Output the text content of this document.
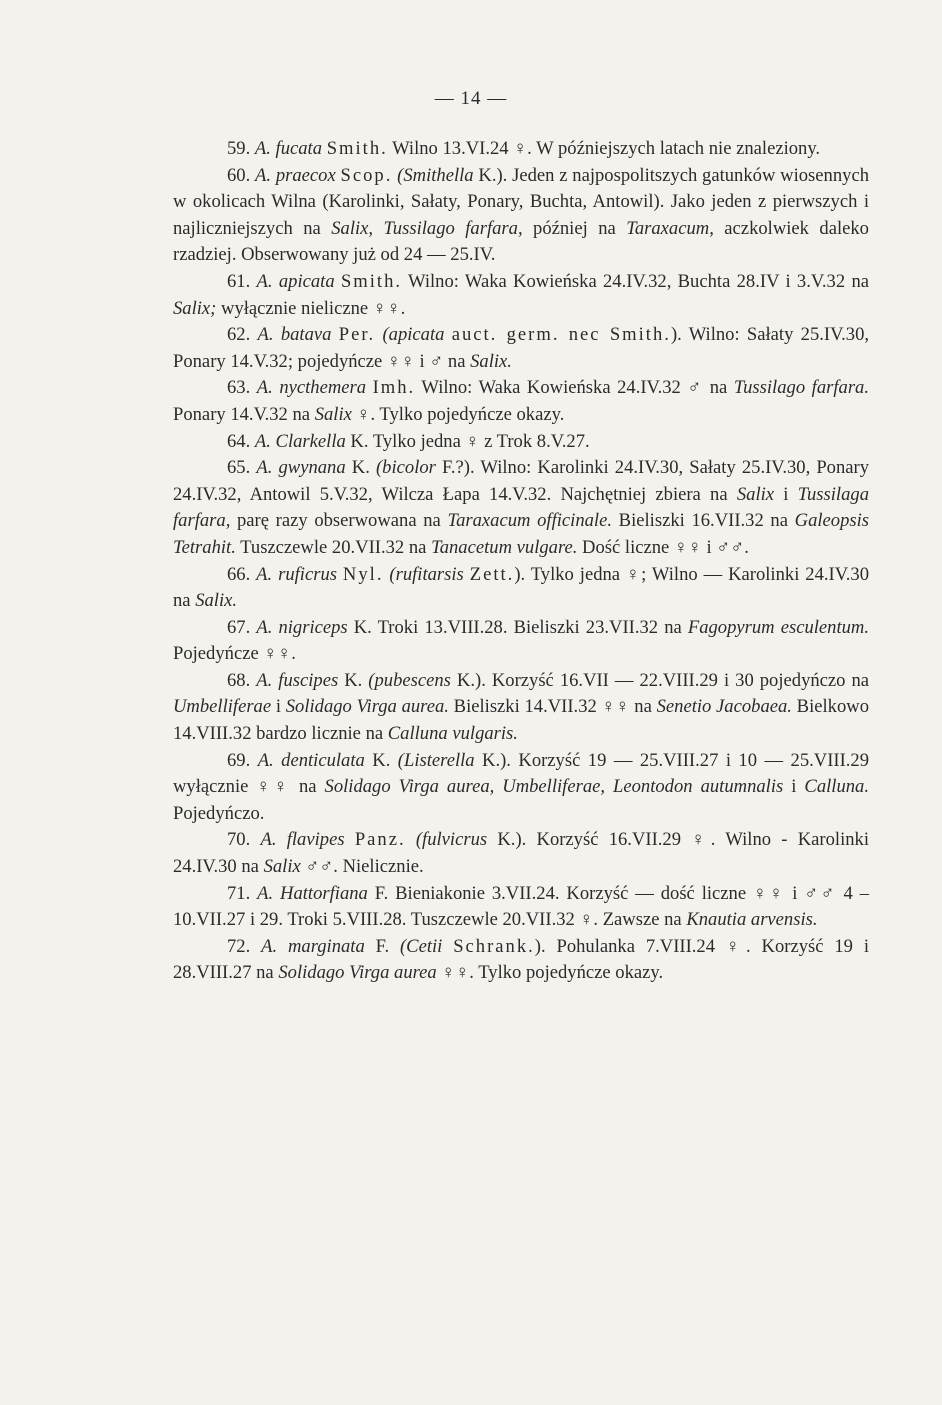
— 14 —

59. A. fucata Smith. Wilno 13.VI.24 ♀. W późniejszych latach nie znaleziony.

60. A. praecox Scop. (Smithella K.). Jeden z najpospolitszych gatunków wiosennych w okolicach Wilna (Karolinki, Sałaty, Ponary, Buchta, Antowil). Jako jeden z pierwszych i najliczniejszych na Salix, Tussilago farfara, później na Taraxacum, aczkolwiek daleko rzadziej. Obserwowany już od 24 — 25.IV.

61. A. apicata Smith. Wilno: Waka Kowieńska 24.IV.32, Buchta 28.IV i 3.V.32 na Salix; wyłącznie nieliczne ♀♀.

62. A. batava Per. (apicata auct. germ. nec Smith.). Wilno: Sałaty 25.IV.30, Ponary 14.V.32; pojedyńcze ♀♀ i ♂ na Salix.

63. A. nycthemera Imh. Wilno: Waka Kowieńska 24.IV.32 ♂ na Tussilago farfara. Ponary 14.V.32 na Salix ♀. Tylko pojedyńcze okazy.

64. A. Clarkella K. Tylko jedna ♀ z Trok 8.V.27.

65. A. gwynana K. (bicolor F.?). Wilno: Karolinki 24.IV.30, Sałaty 25.IV.30, Ponary 24.IV.32, Antowil 5.V.32, Wilcza Łapa 14.V.32. Najchętniej zbiera na Salix i Tussilaga farfara, parę razy obserwowana na Taraxacum officinale. Bieliszki 16.VII.32 na Galeopsis Tetrahit. Tuszczewle 20.VII.32 na Tanacetum vulgare. Dość liczne ♀♀ i ♂♂.

66. A. ruficrus Nyl. (rufitarsis Zett.). Tylko jedna ♀; Wilno — Karolinki 24.IV.30 na Salix.

67. A. nigriceps K. Troki 13.VIII.28. Bieliszki 23.VII.32 na Fagopyrum esculentum. Pojedyńcze ♀♀.

68. A. fuscipes K. (pubescens K.). Korzyść 16.VII — 22.VIII.29 i 30 pojedyńczo na Umbelliferae i Solidago Virga aurea. Bieliszki 14.VII.32 ♀♀ na Senetio Jacobaea. Bielkowo 14.VIII.32 bardzo licznie na Calluna vulgaris.

69. A. denticulata K. (Listerella K.). Korzyść 19 — 25.VIII.27 i 10 — 25.VIII.29 wyłącznie ♀♀ na Solidago Virga aurea, Umbelliferae, Leontodon autumnalis i Calluna. Pojedyńczo.

70. A. flavipes Panz. (fulvicrus K.). Korzyść 16.VII.29 ♀. Wilno - Karolinki 24.IV.30 na Salix ♂♂. Nielicznie.

71. A. Hattorfiana F. Bieniakonie 3.VII.24. Korzyść — dość liczne ♀♀ i ♂♂ 4 – 10.VII.27 i 29. Troki 5.VIII.28. Tuszczewle 20.VII.32 ♀. Zawsze na Knautia arvensis.

72. A. marginata F. (Cetii Schrank.). Pohulanka 7.VIII.24 ♀. Korzyść 19 i 28.VIII.27 na Solidago Virga aurea ♀♀. Tylko pojedyńcze okazy.
